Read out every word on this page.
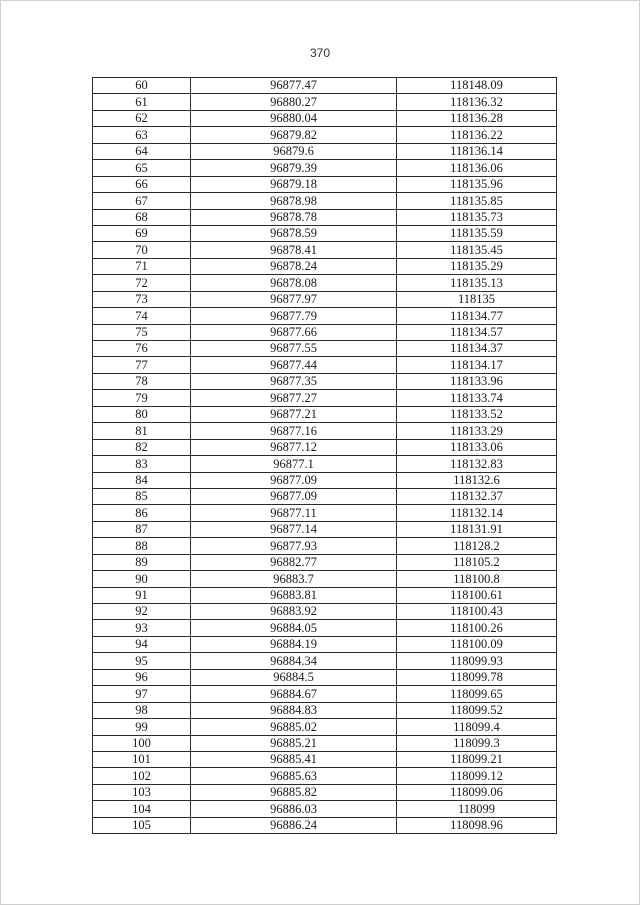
370
60	96877.47	118148.09
61	96880.27	118136.32
62	96880.04	118136.28
63	96879.82	118136.22
64	96879.6	118136.14
65	96879.39	118136.06
66	96879.18	118135.96
67	96878.98	118135.85
68	96878.78	118135.73
69	96878.59	118135.59
70	96878.41	118135.45
71	96878.24	118135.29
72	96878.08	118135.13
73	96877.97	118135
74	96877.79	118134.77
75	96877.66	118134.57
76	96877.55	118134.37
77	96877.44	118134.17
78	96877.35	118133.96
79	96877.27	118133.74
80	96877.21	118133.52
81	96877.16	118133.29
82	96877.12	118133.06
83	96877.1	118132.83
84	96877.09	118132.6
85	96877.09	118132.37
86	96877.11	118132.14
87	96877.14	118131.91
88	96877.93	118128.2
89	96882.77	118105.2
90	96883.7	118100.8
91	96883.81	118100.61
92	96883.92	118100.43
93	96884.05	118100.26
94	96884.19	118100.09
95	96884.34	118099.93
96	96884.5	118099.78
97	96884.67	118099.65
98	96884.83	118099.52
99	96885.02	118099.4
100	96885.21	118099.3
101	96885.41	118099.21
102	96885.63	118099.12
103	96885.82	118099.06
104	96886.03	118099
105	96886.24	118098.96
